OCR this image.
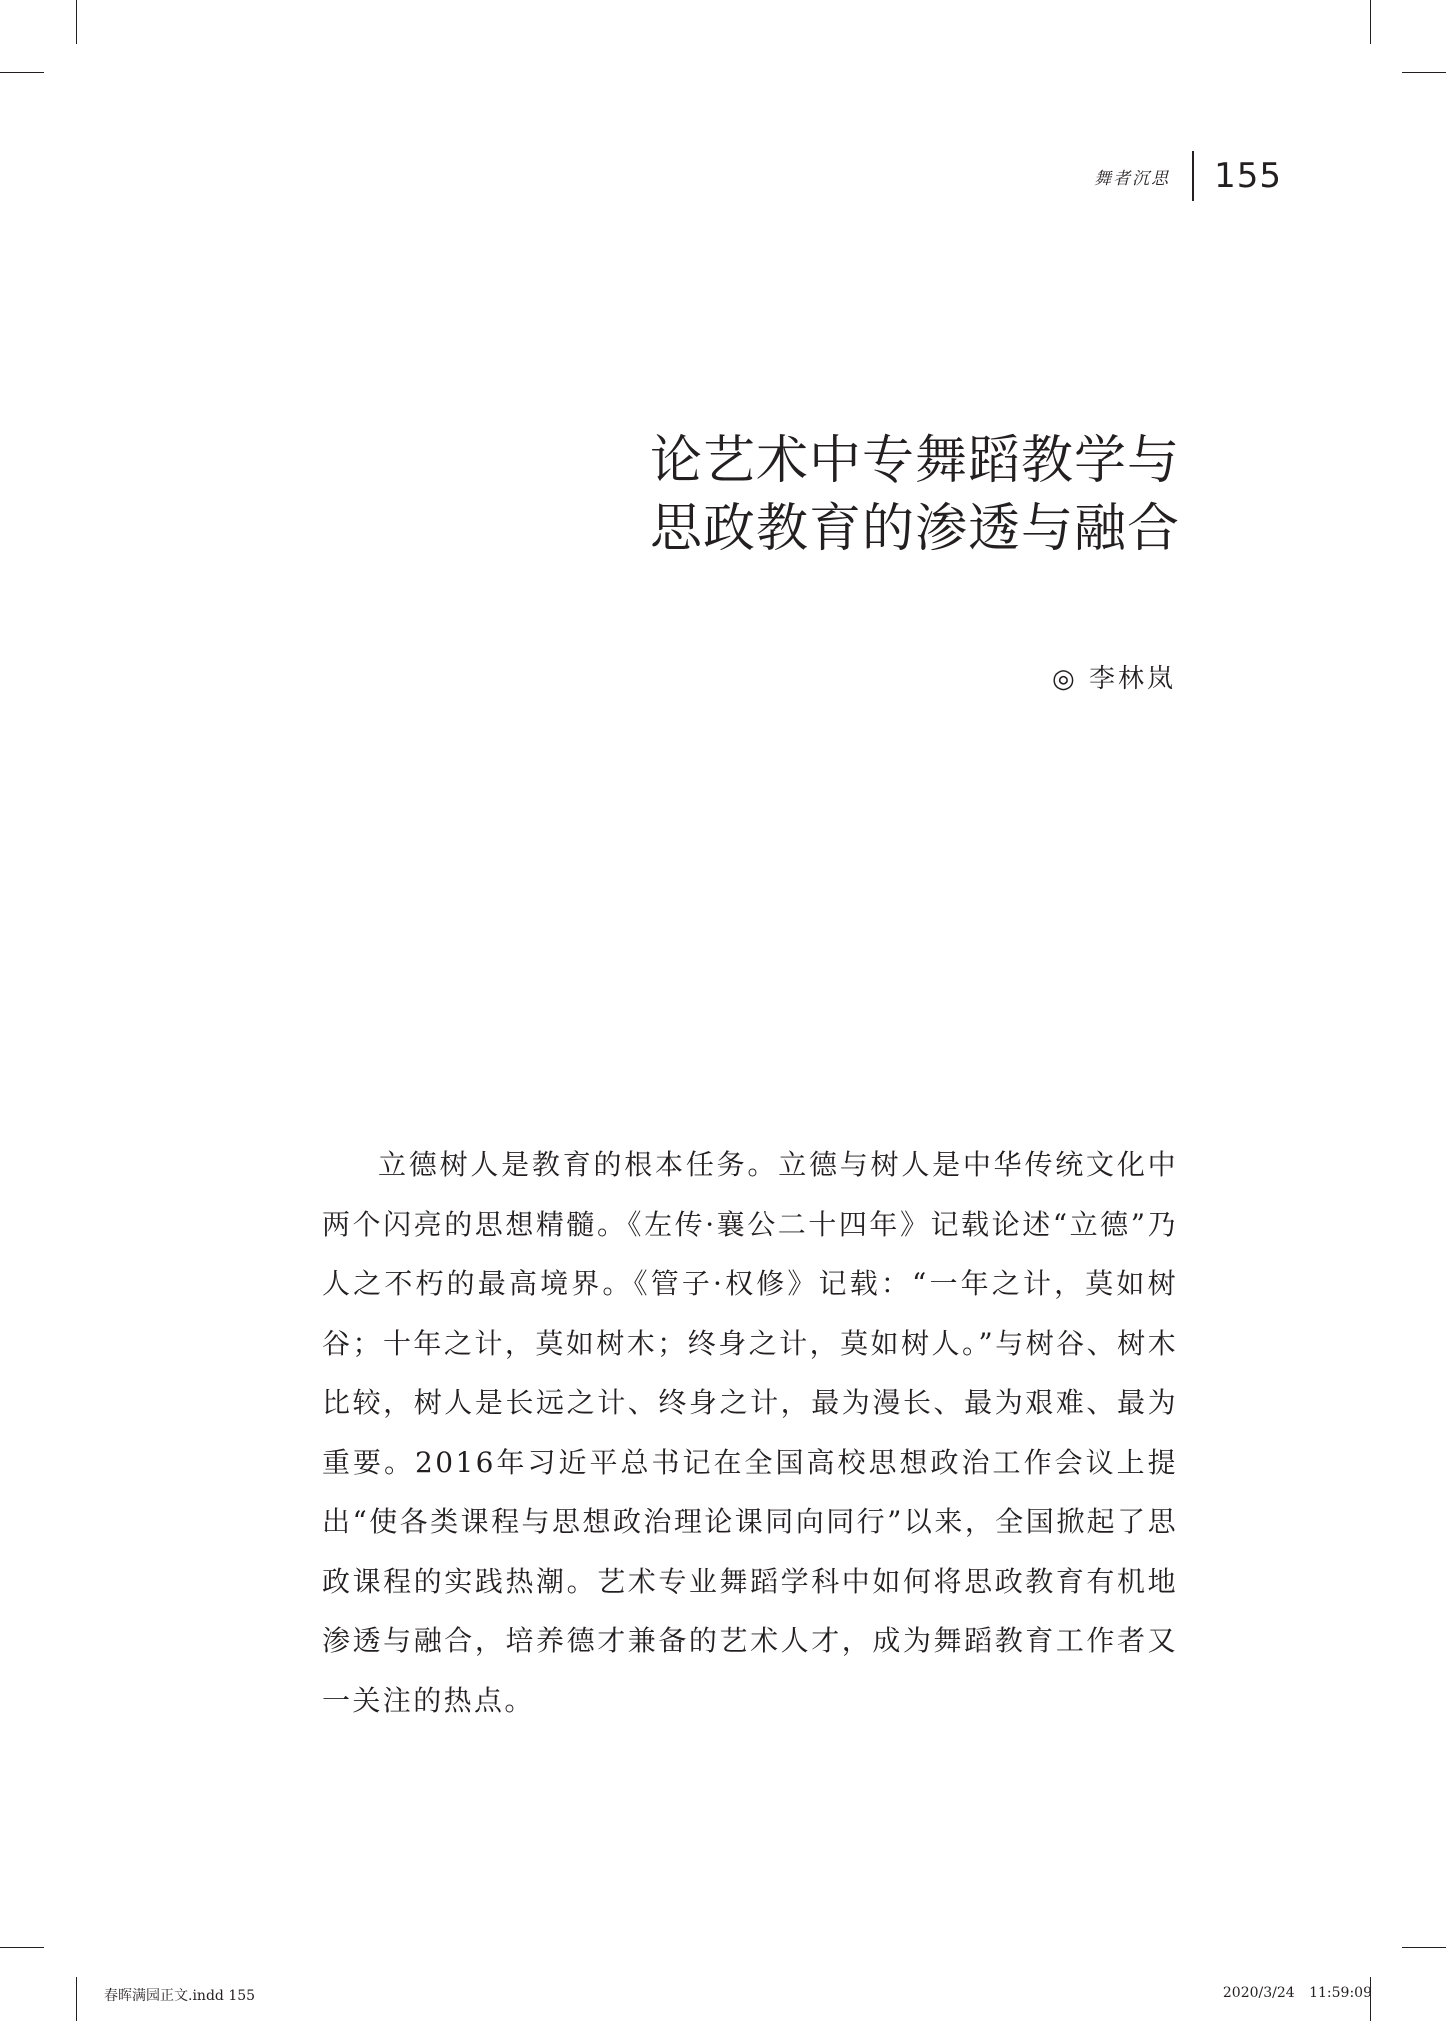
舞者沉思 155
论艺术中专舞蹈教学与
思政教育的渗透与融合
◎ 李林岚

立德树人是教育的根本任务。立德与树人是中华传统文化中两个闪亮的思想精髓。《左传·襄公二十四年》记载论述“立德”乃人之不朽的最高境界。《管子·权修》记载：“一年之计，莫如树谷；十年之计，莫如树木；终身之计，莫如树人。”与树谷、树木比较，树人是长远之计、终身之计，最为漫长、最为艰难、最为重要。2016年习近平总书记在全国高校思想政治工作会议上提出“使各类课程与思想政治理论课同向同行”以来，全国掀起了思政课程的实践热潮。艺术专业舞蹈学科中如何将思政教育有机地渗透与融合，培养德才兼备的艺术人才，成为舞蹈教育工作者又一关注的热点。

春晖满园正文.indd 155	2020/3/24 11:59:09
